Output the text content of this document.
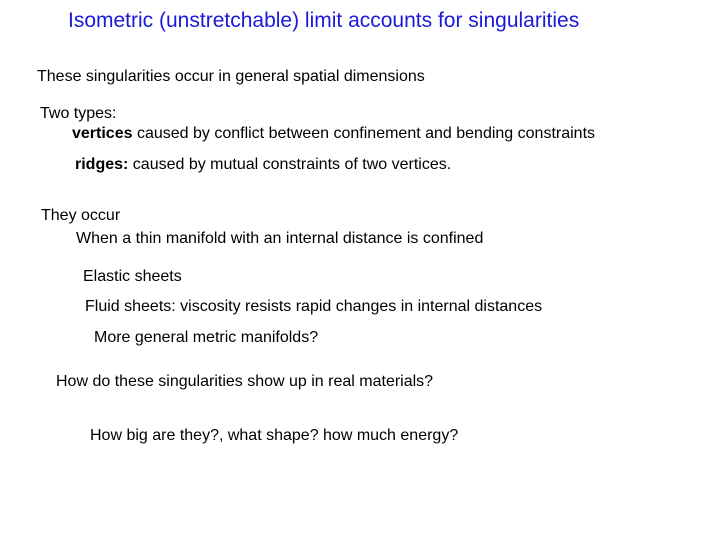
Isometric (unstretchable) limit accounts for singularities
These singularities occur in general spatial dimensions
Two types:
vertices caused by conflict between confinement and bending constraints
ridges: caused by mutual constraints of two vertices.
They occur
When a thin manifold with an internal distance is confined
Elastic sheets
Fluid sheets: viscosity resists rapid changes in internal distances
More general metric manifolds?
How do these singularities show up in real materials?
How big are they?, what shape? how much energy?
